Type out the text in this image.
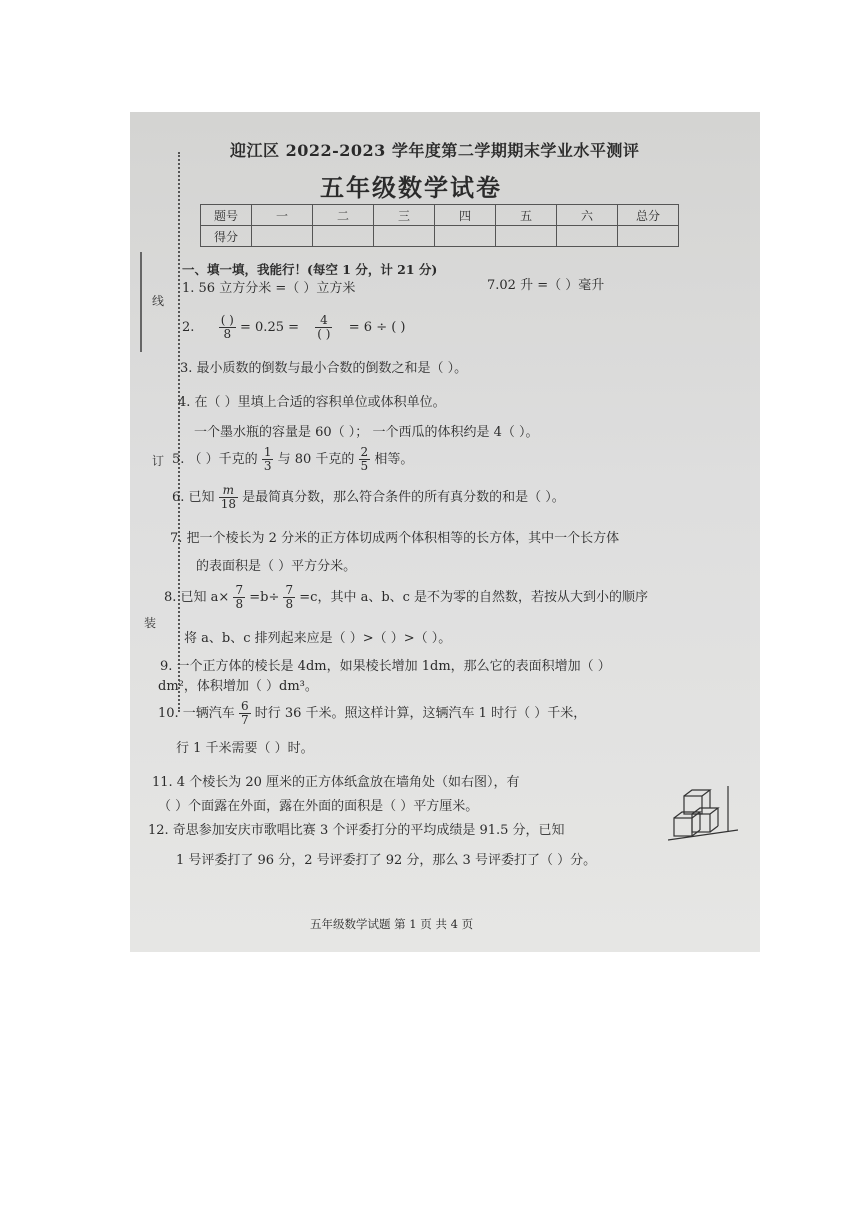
线
订
装
迎江区 2022-2023 学年度第二学期期末学业水平测评
五年级数学试卷
题号	一	二	三	四	五	六	总分
得分							
一、填一填，我能行！(每空 1 分，计 21 分)
1. 56 立方分米 =（ ）立方米	7.02 升 =（ ）毫升
2. $\frac{( )}{8} = 0.25 = \frac{4}{( )} = 6$ ÷ ( )
3. 最小质数的倒数与最小合数的倒数之和是（ ）。
4. 在（ ）里填上合适的容积单位或体积单位。
一个墨水瓶的容量是 60（ ）； 一个西瓜的体积约是 4（ ）。
5. （ ）千克的 $\frac{1}{3}$ 与 80 千克的 $\frac{2}{5}$ 相等。
6. 已知 $\frac{m}{18}$ 是最简真分数，那么符合条件的所有真分数的和是（ ）。
7. 把一个棱长为 2 分米的正方体切成两个体积相等的长方体，其中一个长方体
的表面积是（ ）平方分米。
8. 已知 $a\times \frac{7}{8} =b\div \frac{7}{8} =c$，其中 a、b、c 是不为零的自然数，若按从大到小的顺序
将 a、b、c 排列起来应是（ ）>（ ）>（ ）。
9. 一个正方体的棱长是 4dm，如果棱长增加 1dm，那么它的表面积增加（ ）
dm²，体积增加（ ）dm³。
10. 一辆汽车 $\frac{6}{7}$ 时行 36 千米。照这样计算，这辆汽车 1 时行（ ）千米，
行 1 千米需要（ ）时。
11. 4 个棱长为 20 厘米的正方体纸盒放在墙角处（如右图），有
（ ）个面露在外面，露在外面的面积是（ ）平方厘米。
12. 奇思参加安庆市歌唱比赛 3 个评委打分的平均成绩是 91.5 分，已知
1 号评委打了 96 分，2 号评委打了 92 分，那么 3 号评委打了（ ）分。
五年级数学试题 第 1 页 共 4 页
